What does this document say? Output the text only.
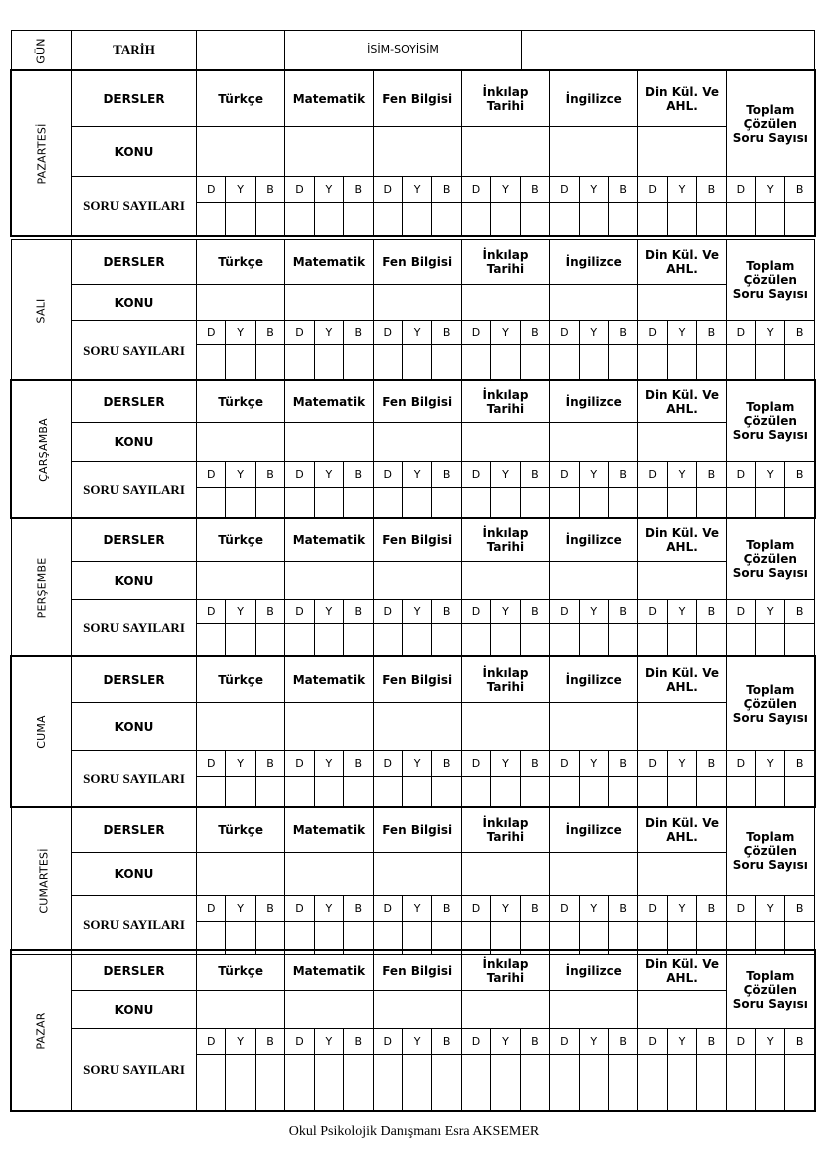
GÜN	TARİH		İSİM-SOYİSİM	
PAZARTESİ	DERSLER	Türkçe			Matematik			Fen Bilgisi			İnkılap Tarihi			İngilizce			Din Kül. Ve AHL.			Toplam Çözülen Soru Sayısı		
	KONU																					
	SORU SAYILARI	D	Y	B	D	Y	B	D	Y	B	D	Y	B	D	Y	B	D	Y	B	D	Y	B

SALI	DERSLER	Türkçe			Matematik			Fen Bilgisi			İnkılap Tarihi			İngilizce			Din Kül. Ve AHL.			Toplam Çözülen Soru Sayısı		
	KONU																					
	SORU SAYILARI	D	Y	B	D	Y	B	D	Y	B	D	Y	B	D	Y	B	D	Y	B	D	Y	B

ÇARŞAMBA	DERSLER	Türkçe			Matematik			Fen Bilgisi			İnkılap Tarihi			İngilizce			Din Kül. Ve AHL.			Toplam Çözülen Soru Sayısı		
	KONU																					
	SORU SAYILARI	D	Y	B	D	Y	B	D	Y	B	D	Y	B	D	Y	B	D	Y	B	D	Y	B

PERŞEMBE	DERSLER	Türkçe			Matematik			Fen Bilgisi			İnkılap Tarihi			İngilizce			Din Kül. Ve AHL.			Toplam Çözülen Soru Sayısı		
	KONU																					
	SORU SAYILARI	D	Y	B	D	Y	B	D	Y	B	D	Y	B	D	Y	B	D	Y	B	D	Y	B

CUMA	DERSLER	Türkçe			Matematik			Fen Bilgisi			İnkılap Tarihi			İngilizce			Din Kül. Ve AHL.			Toplam Çözülen Soru Sayısı		
	KONU																					
	SORU SAYILARI	D	Y	B	D	Y	B	D	Y	B	D	Y	B	D	Y	B	D	Y	B	D	Y	B

CUMARTESİ	DERSLER	Türkçe			Matematik			Fen Bilgisi			İnkılap Tarihi			İngilizce			Din Kül. Ve AHL.			Toplam Çözülen Soru Sayısı		
	KONU																					
	SORU SAYILARI	D	Y	B	D	Y	B	D	Y	B	D	Y	B	D	Y	B	D	Y	B	D	Y	B

PAZAR	DERSLER	Türkçe			Matematik			Fen Bilgisi			İnkılap Tarihi			İngilizce			Din Kül. Ve AHL.			Toplam Çözülen Soru Sayısı		
	KONU																					
	SORU SAYILARI	D	Y	B	D	Y	B	D	Y	B	D	Y	B	D	Y	B	D	Y	B	D	Y	B

Okul Psikolojik Danışmanı Esra AKSEMER
